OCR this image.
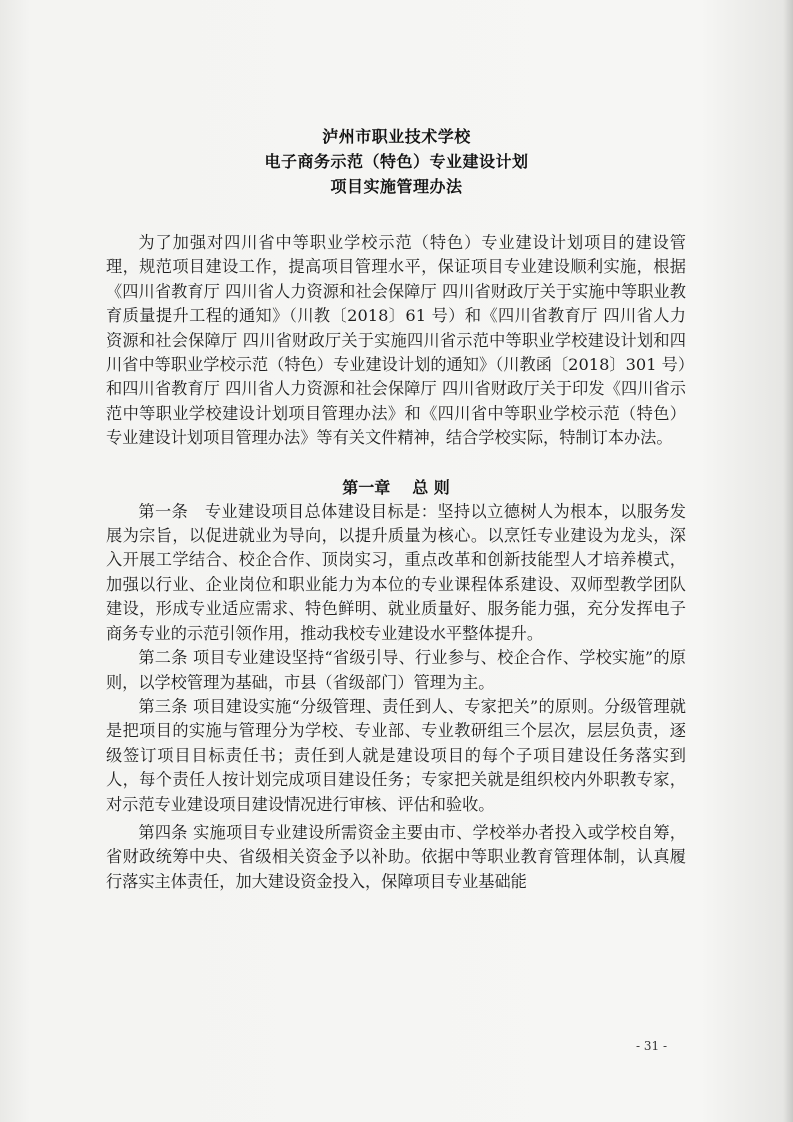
泸州市职业技术学校
电子商务示范（特色）专业建设计划
项目实施管理办法

为了加强对四川省中等职业学校示范（特色）专业建设计划项目的建设管理，规范项目建设工作，提高项目管理水平，保证项目专业建设顺利实施，根据《四川省教育厅 四川省人力资源和社会保障厅 四川省财政厅关于实施中等职业教育质量提升工程的通知》（川教〔2018〕61 号）和《四川省教育厅 四川省人力资源和社会保障厅 四川省财政厅关于实施四川省示范中等职业学校建设计划和四川省中等职业学校示范（特色）专业建设计划的通知》（川教函〔2018〕301 号）和四川省教育厅 四川省人力资源和社会保障厅 四川省财政厅关于印发《四川省示范中等职业学校建设计划项目管理办法》和《四川省中等职业学校示范（特色）专业建设计划项目管理办法》等有关文件精神，结合学校实际，特制订本办法。

第一章 总 则

第一条　专业建设项目总体建设目标是：坚持以立德树人为根本，以服务发展为宗旨，以促进就业为导向，以提升质量为核心。以烹饪专业建设为龙头，深入开展工学结合、校企合作、顶岗实习，重点改革和创新技能型人才培养模式，加强以行业、企业岗位和职业能力为本位的专业课程体系建设、双师型教学团队建设，形成专业适应需求、特色鲜明、就业质量好、服务能力强，充分发挥电子商务专业的示范引领作用，推动我校专业建设水平整体提升。

第二条 项目专业建设坚持“省级引导、行业参与、校企合作、学校实施”的原则，以学校管理为基础，市县（省级部门）管理为主。

第三条 项目建设实施“分级管理、责任到人、专家把关”的原则。分级管理就是把项目的实施与管理分为学校、专业部、专业教研组三个层次，层层负责，逐级签订项目目标责任书；责任到人就是建设项目的每个子项目建设任务落实到人，每个责任人按计划完成项目建设任务；专家把关就是组织校内外职教专家，对示范专业建设项目建设情况进行审核、评估和验收。

第四条 实施项目专业建设所需资金主要由市、学校举办者投入或学校自筹，省财政统筹中央、省级相关资金予以补助。依据中等职业教育管理体制，认真履行落实主体责任，加大建设资金投入，保障项目专业基础能

- 31 -
